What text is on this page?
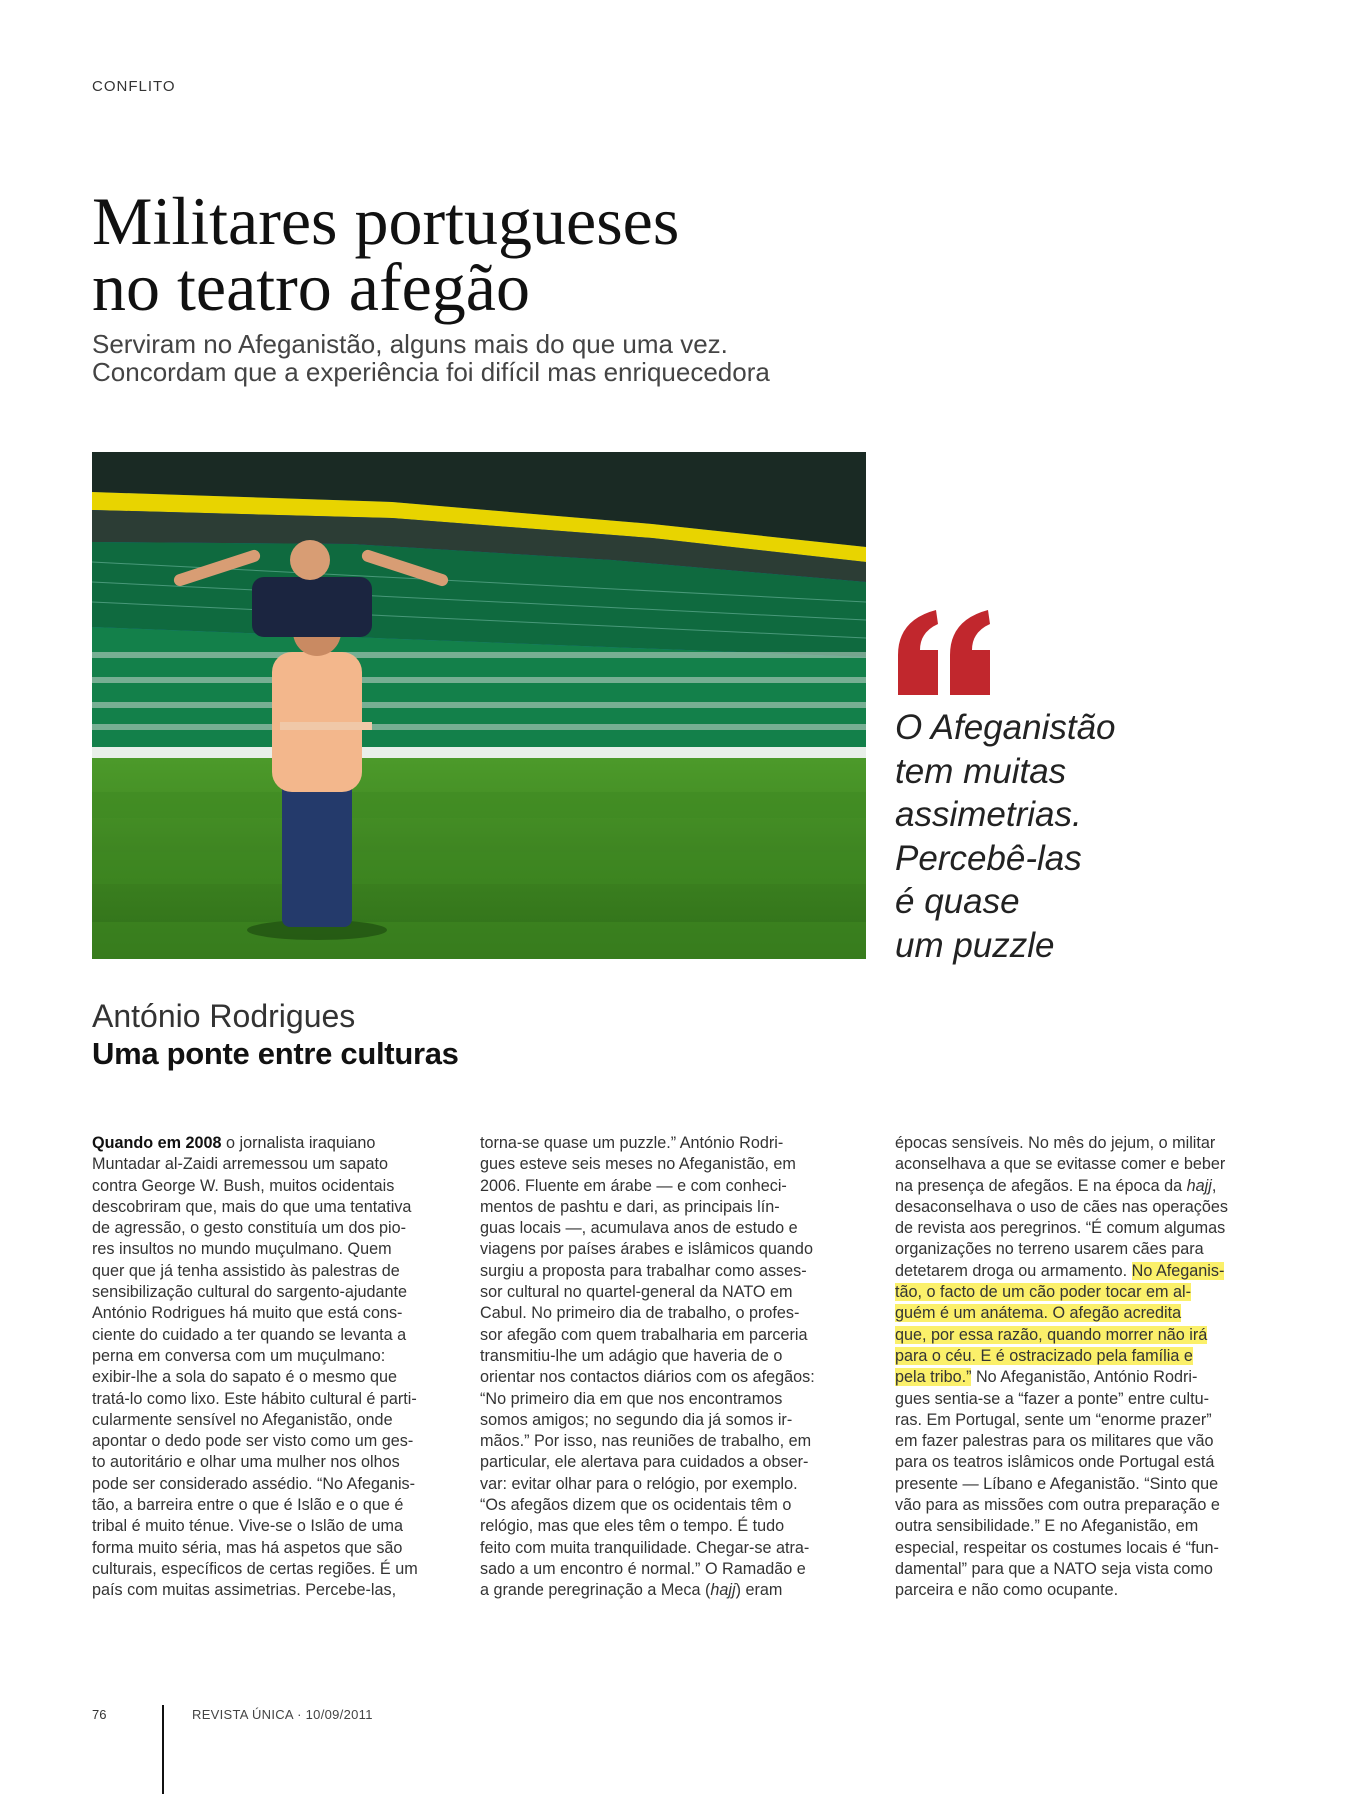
CONFLITO
Militares portugueses
no teatro afegão
Serviram no Afeganistão, alguns mais do que uma vez.
Concordam que a experiência foi difícil mas enriquecedora
O Afeganistão
tem muitas
assimetrias.
Percebê-las
é quase
um puzzle
António Rodrigues
Uma ponte entre culturas
Quando em 2008 o jornalista iraquiano
Muntadar al-Zaidi arremessou um sapato
contra George W. Bush, muitos ocidentais
descobriram que, mais do que uma tentativa
de agressão, o gesto constituía um dos pio-
res insultos no mundo muçulmano. Quem
quer que já tenha assistido às palestras de
sensibilização cultural do sargento-ajudante
António Rodrigues há muito que está cons-
ciente do cuidado a ter quando se levanta a
perna em conversa com um muçulmano:
exibir-lhe a sola do sapato é o mesmo que
tratá-lo como lixo. Este hábito cultural é parti-
cularmente sensível no Afeganistão, onde
apontar o dedo pode ser visto como um ges-
to autoritário e olhar uma mulher nos olhos
pode ser considerado assédio. “No Afeganis-
tão, a barreira entre o que é Islão e o que é
tribal é muito ténue. Vive-se o Islão de uma
forma muito séria, mas há aspetos que são
culturais, específicos de certas regiões. É um
país com muitas assimetrias. Percebe-las,
torna-se quase um puzzle.” António Rodri-
gues esteve seis meses no Afeganistão, em
2006. Fluente em árabe — e com conheci-
mentos de pashtu e dari, as principais lín-
guas locais —, acumulava anos de estudo e
viagens por países árabes e islâmicos quando
surgiu a proposta para trabalhar como asses-
sor cultural no quartel-general da NATO em
Cabul. No primeiro dia de trabalho, o profes-
sor afegão com quem trabalharia em parceria
transmitiu-lhe um adágio que haveria de o
orientar nos contactos diários com os afegãos:
“No primeiro dia em que nos encontramos
somos amigos; no segundo dia já somos ir-
mãos.” Por isso, nas reuniões de trabalho, em
particular, ele alertava para cuidados a obser-
var: evitar olhar para o relógio, por exemplo.
“Os afegãos dizem que os ocidentais têm o
relógio, mas que eles têm o tempo. É tudo
feito com muita tranquilidade. Chegar-se atra-
sado a um encontro é normal.” O Ramadão e
a grande peregrinação a Meca (hajj) eram
épocas sensíveis. No mês do jejum, o militar
aconselhava a que se evitasse comer e beber
na presença de afegãos. E na época da hajj,
desaconselhava o uso de cães nas operações
de revista aos peregrinos. “É comum algumas
organizações no terreno usarem cães para
detetarem droga ou armamento. No Afeganis-
tão, o facto de um cão poder tocar em al-
guém é um anátema. O afegão acredita
que, por essa razão, quando morrer não irá
para o céu. E é ostracizado pela família e
pela tribo.” No Afeganistão, António Rodri-
gues sentia-se a “fazer a ponte” entre cultu-
ras. Em Portugal, sente um “enorme prazer”
em fazer palestras para os militares que vão
para os teatros islâmicos onde Portugal está
presente — Líbano e Afeganistão. “Sinto que
vão para as missões com outra preparação e
outra sensibilidade.” E no Afeganistão, em
especial, respeitar os costumes locais é “fun-
damental” para que a NATO seja vista como
parceira e não como ocupante.
76	REVISTA ÚNICA · 10/09/2011
